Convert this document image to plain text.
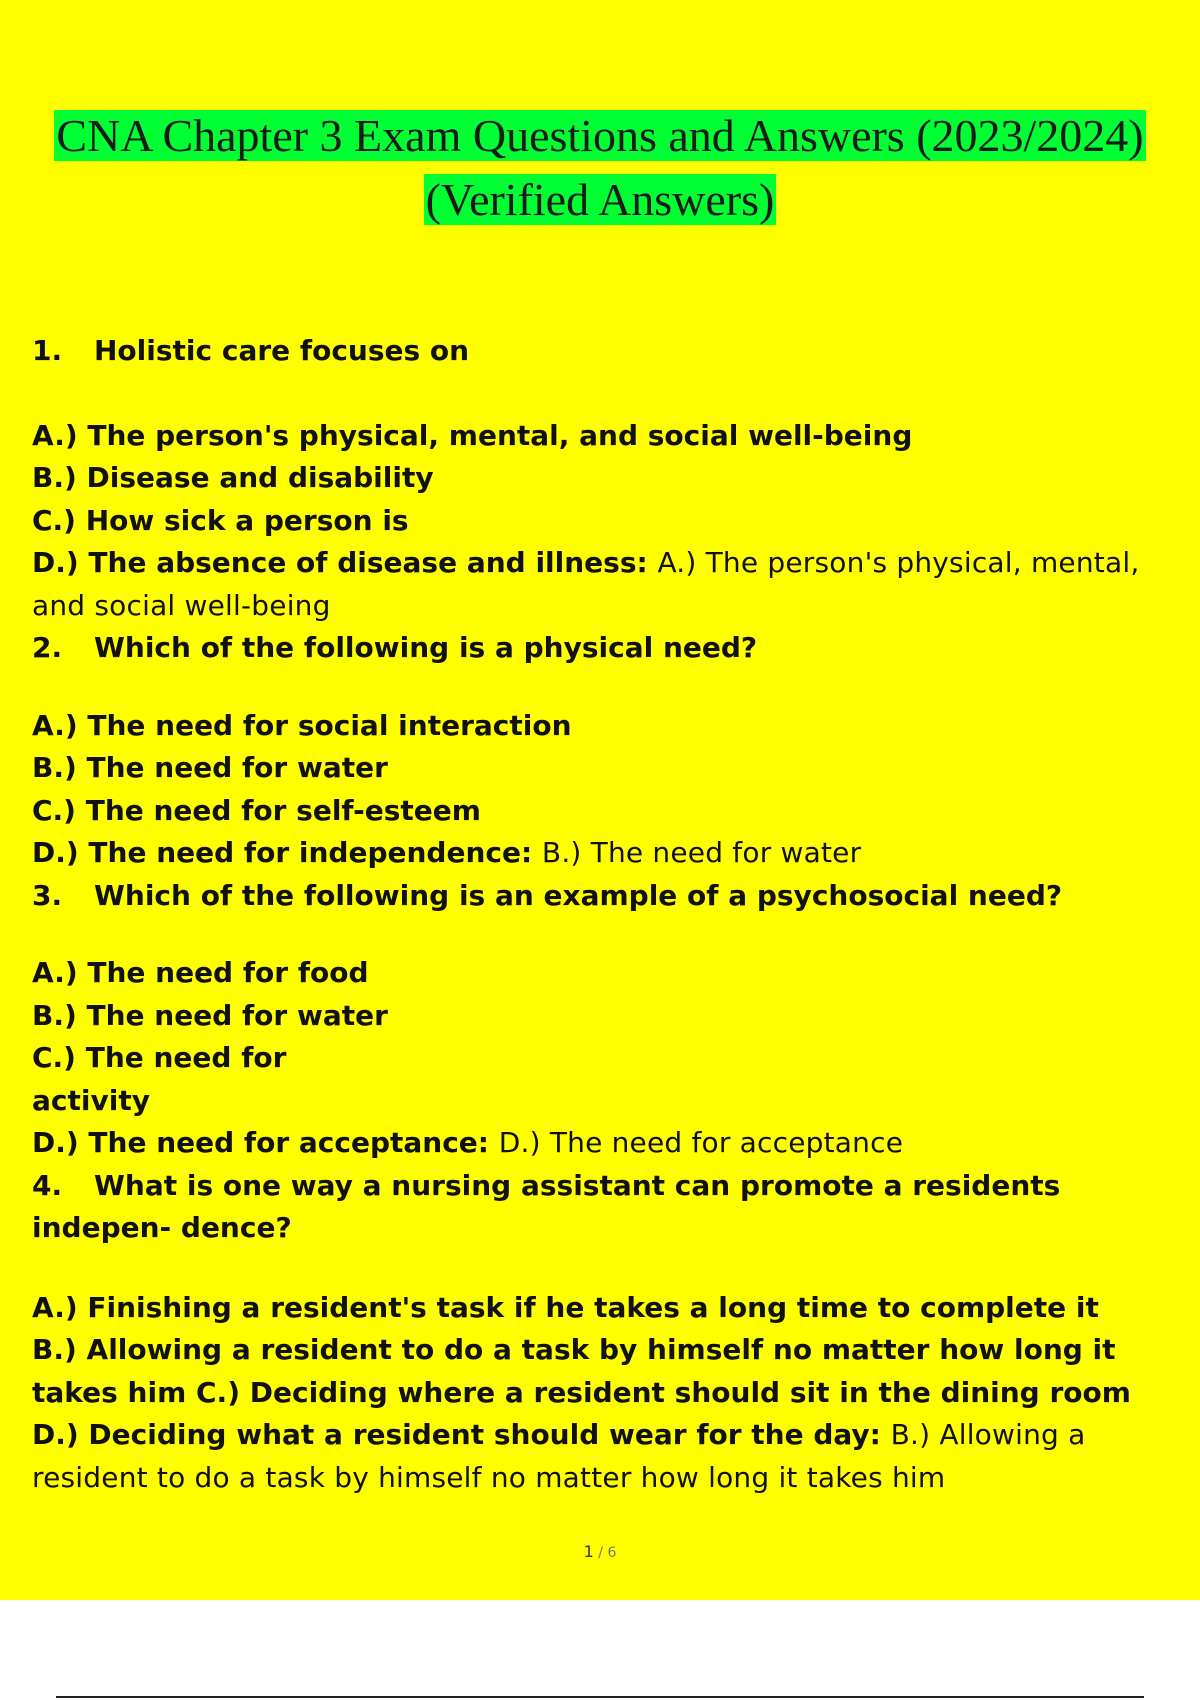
CNA Chapter 3 Exam Questions and Answers (2023/2024)
(Verified Answers)

1. Holistic care focuses on

A.) The person's physical, mental, and social well-being

B.) Disease and disability

C.) How sick a person is

D.) The absence of disease and illness: A.) The person's physical, mental, and social well-being

2. Which of the following is a physical need?

A.) The need for social interaction

B.) The need for water

C.) The need for self-esteem

D.) The need for independence: B.) The need for water

3. Which of the following is an example of a psychosocial need?

A.) The need for food

B.) The need for water

C.) The need for

activity

D.) The need for acceptance: D.) The need for acceptance

4. What is one way a nursing assistant can promote a residents indepen- dence?

A.) Finishing a resident's task if he takes a long time to complete it

B.) Allowing a resident to do a task by himself no matter how long it takes him C.) Deciding where a resident should sit in the dining room

D.) Deciding what a resident should wear for the day: B.) Allowing a resident to do a task by himself no matter how long it takes him

1 / 6
